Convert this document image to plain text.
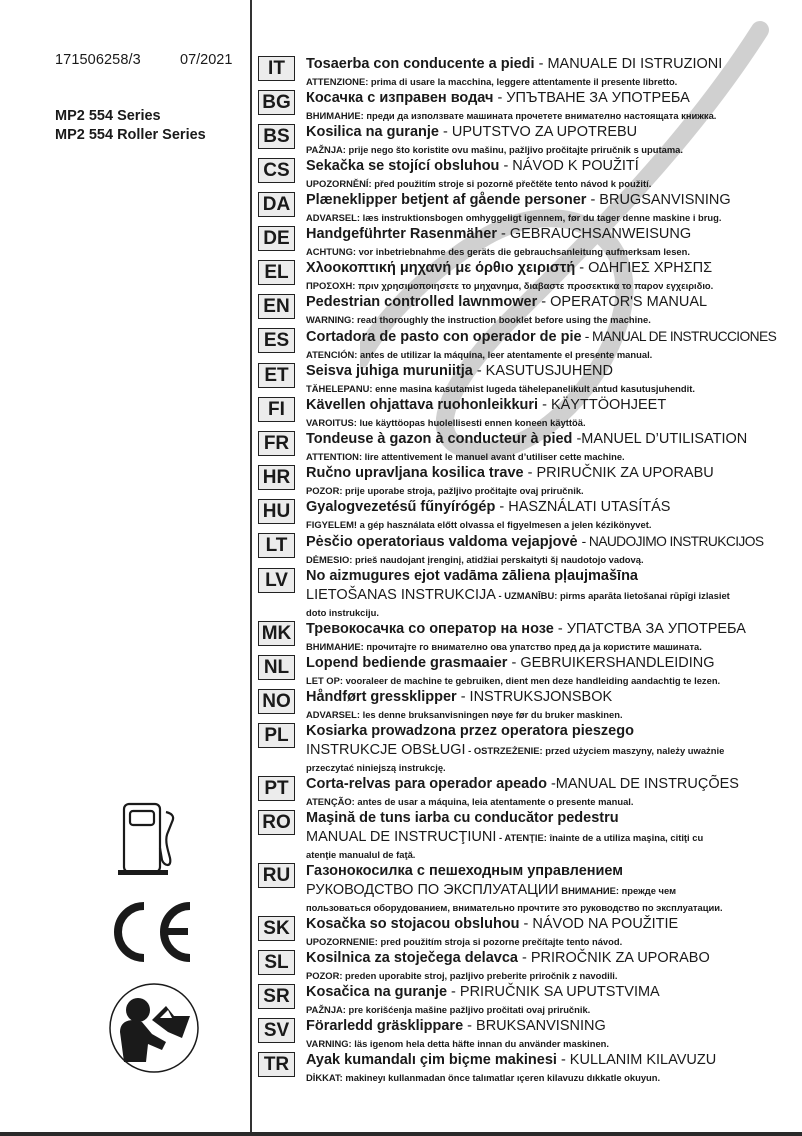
171506258/3	07/2021
MP2 554 Series
MP2 554 Roller Series
IT	Tosaerba con conducente a piedi - MANUALE DI ISTRUZIONI
ATTENZIONE: prima di usare la macchina, leggere attentamente il presente libretto.
BG Косачка с изправен водач - УПЪТВАНЕ ЗА УПОТРЕБА
ВНИМАНИЕ: преди да използвате машината прочетете внимателно настоящата книжка.
BS	Kosilica na guranje - UPUTSTVO ZA UPOTREBU
PAŽNJA: prije nego što koristite ovu mašinu, pažljivo pročitajte priručnik s uputama.
CS	Sekačka se stojící obsluhou - NÁVOD K POUŽITÍ
UPOZORNĚNÍ: před použitím stroje si pozorně přečtěte tento návod k použití.
DA	Plæneklipper betjent af gående personer - BRUGSANVISNING
ADVARSEL: læs instruktionsbogen omhyggeligt igennem, før du tager denne maskine i brug.
DE	Handgeführter Rasenmäher - GEBRAUCHSANWEISUNG
ACHTUNG: vor inbetriebnahme des geräts die gebrauchsanleitung aufmerksam lesen.
EL	Χλοοκοπτική μηχανή με όρθιο χειριστή - ΟΔΗΓΙΕΣ ΧΡΗΣΠΣ
ΠΡΟΣΟΧΗ: πριν χρησιμοποιησετε το μηχανημα, διαβαστε προσεκτικα το παρον εγχειριδιο.
EN	Pedestrian controlled lawnmower - OPERATOR'S MANUAL
WARNING: read thoroughly the instruction booklet before using the machine.
ES	Cortadora de pasto con operador de pie - MANUAL DE INSTRUCCIONES
ATENCIÓN: antes de utilizar la máquina, leer atentamente el presente manual.
ET	Seisva juhiga muruniitja - KASUTUSJUHEND
TÄHELEPANU: enne masina kasutamist lugeda tähelepanelikult antud kasutusjuhendit.
FI	Kävellen ohjattava ruohonleikkuri - KÄYTTÖOHJEET
VAROITUS: lue käyttöopas huolellisesti ennen koneen käyttöä.
FR	Tondeuse à gazon à conducteur à pied -MANUEL D’UTILISATION
ATTENTION: lire attentivement le manuel avant d’utiliser cette machine.
HR	Ručno upravljana kosilica trave - PRIRUČNIK ZA UPORABU
POZOR: prije uporabe stroja, pažljivo pročitajte ovaj priručnik.
HU	Gyalogvezetésű fűnyírógép - HASZNÁLATI UTASÍTÁS
FIGYELEM! a gép használata előtt olvassa el figyelmesen a jelen kézikönyvet.
LT	Pėsčio operatoriaus valdoma vejapjovė - NAUDOJIMO INSTRUKCIJOS
DĖMESIO: prieš naudojant įrenginį, atidžiai perskaityti šį naudotojo vadovą.
LV	No aizmugures ejot vadāma zāliena pļaujmašīna
LIETOŠANAS INSTRUKCIJA - UZMANĪBU: pirms aparāta lietošanai rūpīgi izlasiet
doto instrukciju.
MK Тревокосачка со оператор на нозе - УПАТСТВА ЗА УПОТРЕБА
ВНИМАНИЕ: прочитајте го внимателно ова упатство пред да ја користите машината.
NL	Lopend bediende grasmaaier - GEBRUIKERSHANDLEIDING
LET OP: vooraleer de machine te gebruiken, dient men deze handleiding aandachtig te lezen.
NO Håndført gressklipper - INSTRUKSJONSBOK
ADVARSEL: les denne bruksanvisningen nøye før du bruker maskinen.
PL	Kosiarka prowadzona przez operatora pieszego
INSTRUKCJE OBSŁUGI - OSTRZEŻENIE: przed użyciem maszyny, należy uważnie
przeczytać niniejszą instrukcję.
PT	Corta-relvas para operador apeado -MANUAL DE INSTRUÇÕES
ATENÇÃO: antes de usar a máquina, leia atentamente o presente manual.
RO Maşină de tuns iarba cu conducător pedestru
MANUAL DE INSTRUCŢIUNI - ATENŢIE: înainte de a utiliza maşina, citiţi cu
atenţie manualul de faţă.
RU	Газонокосилка с пешеходным управлением
РУКОВОДСТВО ПО ЭКСПЛУАТАЦИИ ВНИМАНИЕ: прежде чем
пользоваться оборудованием, внимательно прочтите это руководство по эксплуатации.
SK	Kosačka so stojacou obsluhou - NÁVOD NA POUŽITIE
UPOZORNENIE: pred použitím stroja si pozorne prečítajte tento návod.
SL	Kosilnica za stoječega delavca - PRIROČNIK ZA UPORABO
POZOR: preden uporabite stroj, pazljivo preberite priročnik z navodili.
SR	Kosačica na guranje - PRIRUČNIK SA UPUTSTVIMA
PAŽNJA: pre korišćenja mašine pažljivo pročitati ovaj priručnik.
SV	Förarledd gräsklippare - BRUKSANVISNING
VARNING: läs igenom hela detta häfte innan du använder maskinen.
TR	Ayak kumandalı çim biçme makinesi - KULLANIM KILAVUZU
DİKKAT: makineyı kullanmadan önce talımatlar ıçeren kilavuzu dıkkatle okuyun.
